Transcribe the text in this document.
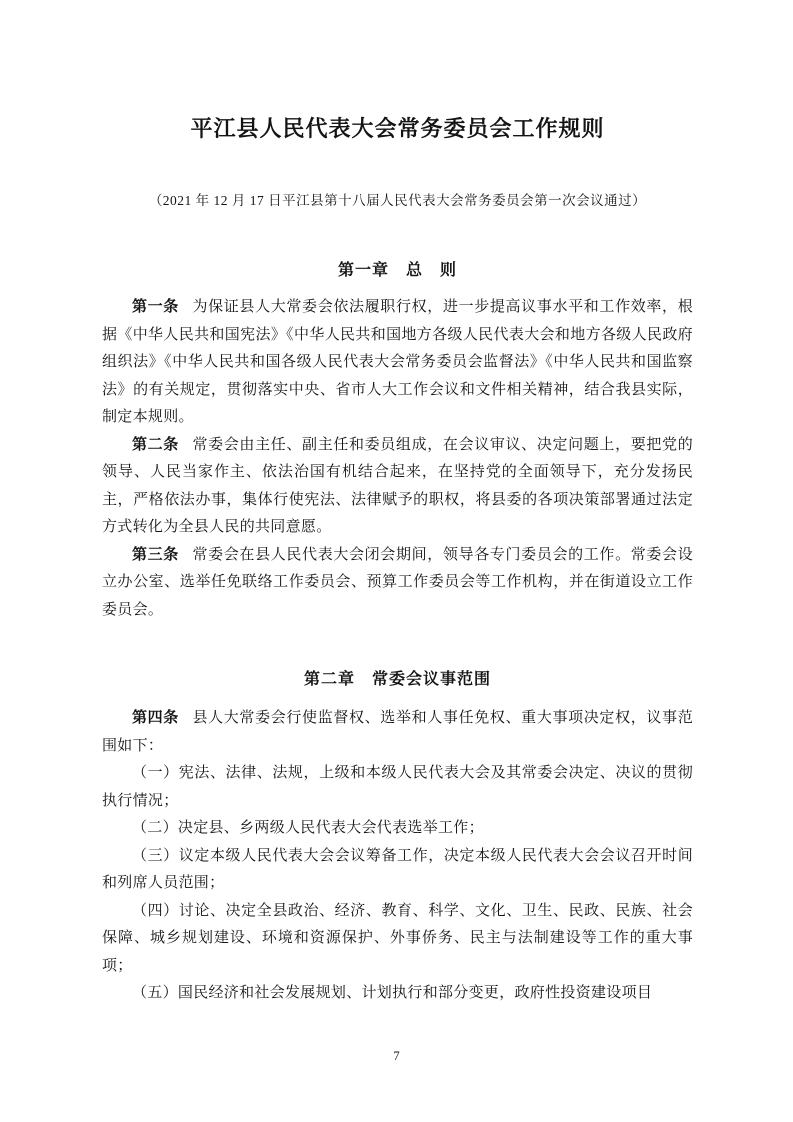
平江县人民代表大会常务委员会工作规则

（2021 年 12 月 17 日平江县第十八届人民代表大会常务委员会第一次会议通过）

第一章　总　则

第一条 为保证县人大常委会依法履职行权，进一步提高议事水平和工作效率，根据《中华人民共和国宪法》《中华人民共和国地方各级人民代表大会和地方各级人民政府组织法》《中华人民共和国各级人民代表大会常务委员会监督法》《中华人民共和国监察法》的有关规定，贯彻落实中央、省市人大工作会议和文件相关精神，结合我县实际，制定本规则。

第二条 常委会由主任、副主任和委员组成，在会议审议、决定问题上，要把党的领导、人民当家作主、依法治国有机结合起来，在坚持党的全面领导下，充分发扬民主，严格依法办事，集体行使宪法、法律赋予的职权，将县委的各项决策部署通过法定方式转化为全县人民的共同意愿。

第三条 常委会在县人民代表大会闭会期间，领导各专门委员会的工作。常委会设立办公室、选举任免联络工作委员会、预算工作委员会等工作机构，并在街道设立工作委员会。

第二章　常委会议事范围

第四条 县人大常委会行使监督权、选举和人事任免权、重大事项决定权，议事范围如下：

（一）宪法、法律、法规，上级和本级人民代表大会及其常委会决定、决议的贯彻执行情况；

（二）决定县、乡两级人民代表大会代表选举工作；

（三）议定本级人民代表大会会议筹备工作，决定本级人民代表大会会议召开时间和列席人员范围；

（四）讨论、决定全县政治、经济、教育、科学、文化、卫生、民政、民族、社会保障、城乡规划建设、环境和资源保护、外事侨务、民主与法制建设等工作的重大事项；

（五）国民经济和社会发展规划、计划执行和部分变更，政府性投资建设项目

7
